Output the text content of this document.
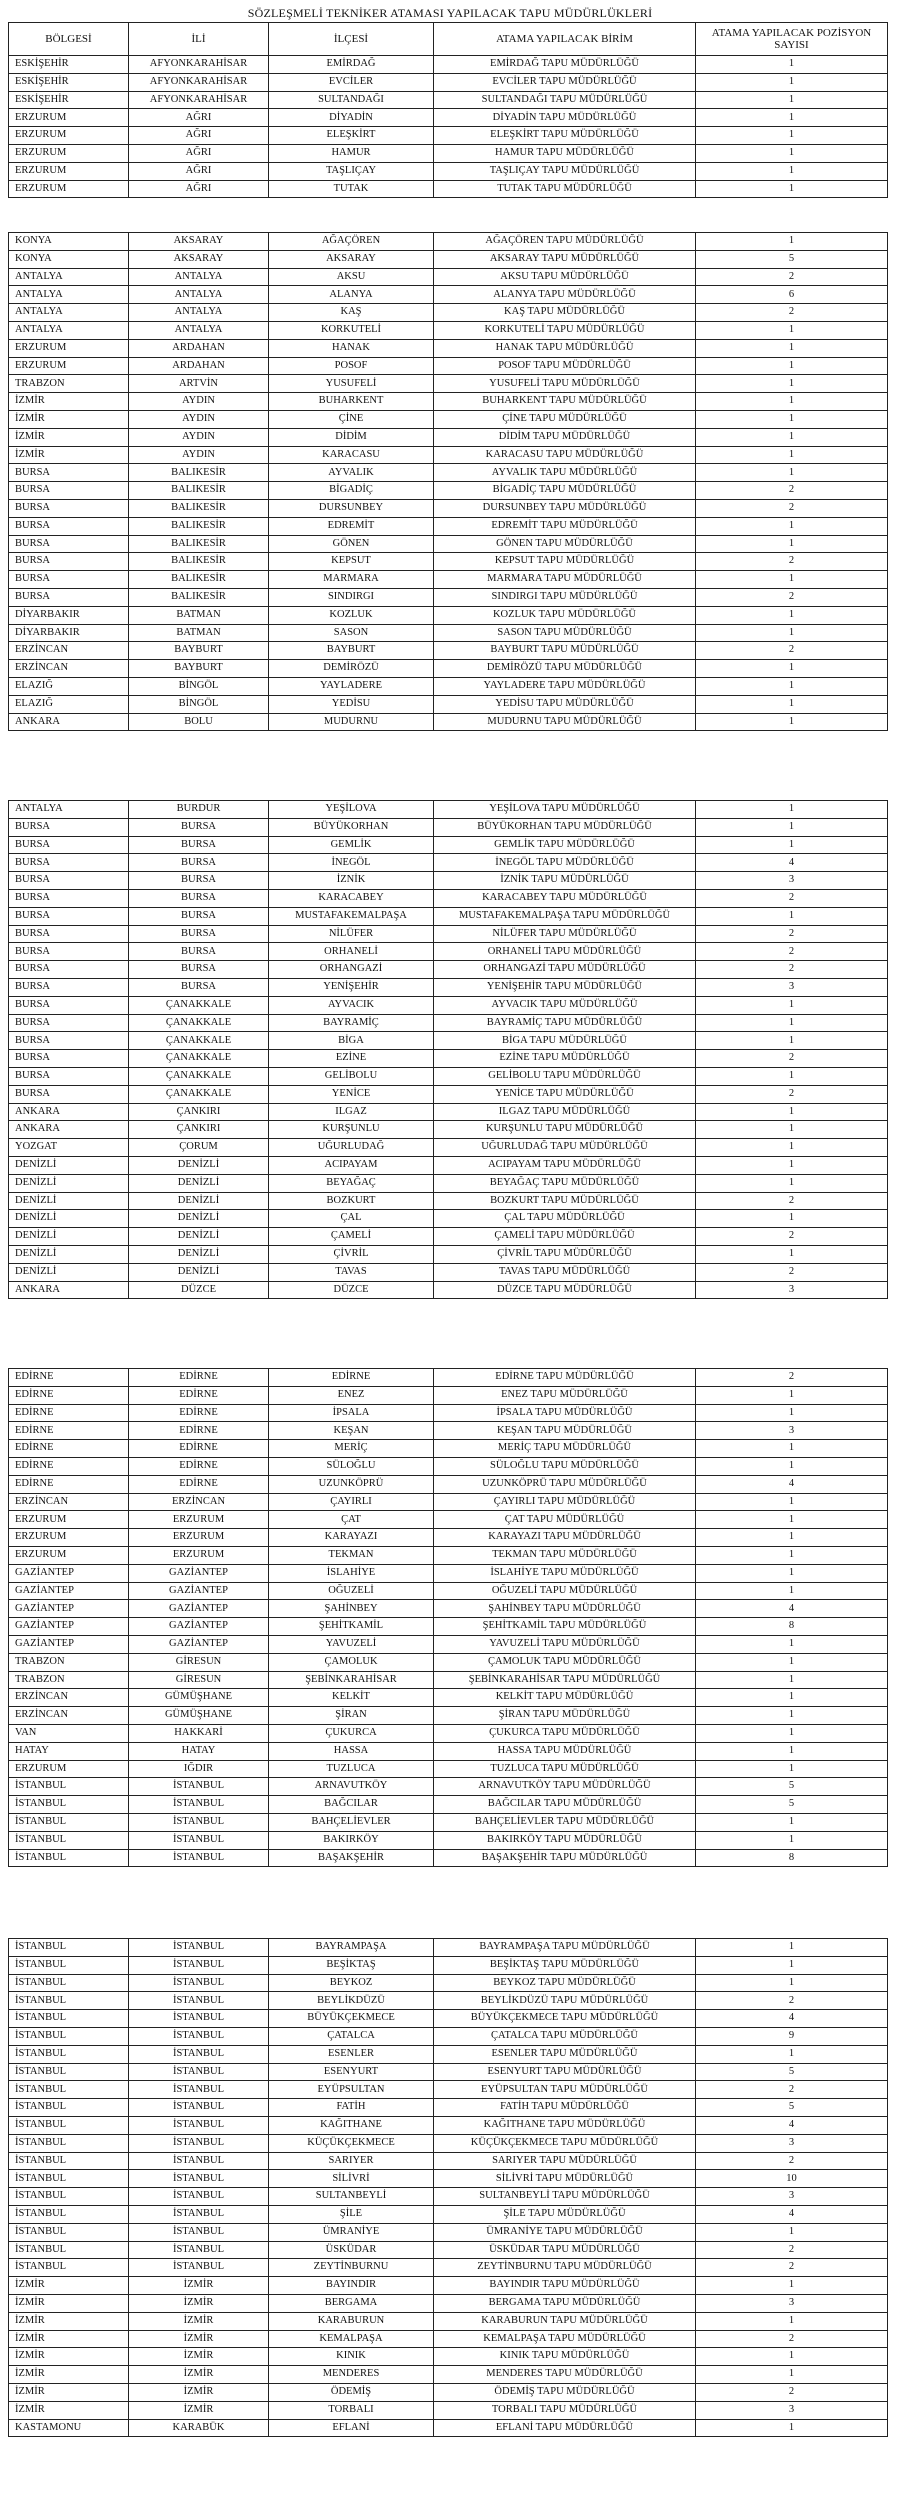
SÖZLEŞMELİ TEKNİKER ATAMASI YAPILACAK TAPU MÜDÜRLÜKLERİ
BÖLGESİ	İLİ	İLÇESİ	ATAMA YAPILACAK BİRİM	ATAMA YAPILACAK POZİSYON SAYISI
ESKİŞEHİR	AFYONKARAHİSAR	EMİRDAĞ	EMİRDAĞ TAPU MÜDÜRLÜĞÜ	1
ESKİŞEHİR	AFYONKARAHİSAR	EVCİLER	EVCİLER TAPU MÜDÜRLÜĞÜ	1
ESKİŞEHİR	AFYONKARAHİSAR	SULTANDAĞI	SULTANDAĞI TAPU MÜDÜRLÜĞÜ	1
ERZURUM	AĞRI	DİYADİN	DİYADİN TAPU MÜDÜRLÜĞÜ	1
ERZURUM	AĞRI	ELEŞKİRT	ELEŞKİRT TAPU MÜDÜRLÜĞÜ	1
ERZURUM	AĞRI	HAMUR	HAMUR TAPU MÜDÜRLÜĞÜ	1
ERZURUM	AĞRI	TAŞLIÇAY	TAŞLIÇAY TAPU MÜDÜRLÜĞÜ	1
ERZURUM	AĞRI	TUTAK	TUTAK TAPU MÜDÜRLÜĞÜ	1
KONYA	AKSARAY	AĞAÇÖREN	AĞAÇÖREN TAPU MÜDÜRLÜĞÜ	1
KONYA	AKSARAY	AKSARAY	AKSARAY TAPU MÜDÜRLÜĞÜ	5
ANTALYA	ANTALYA	AKSU	AKSU TAPU MÜDÜRLÜĞÜ	2
ANTALYA	ANTALYA	ALANYA	ALANYA TAPU MÜDÜRLÜĞÜ	6
ANTALYA	ANTALYA	KAŞ	KAŞ TAPU MÜDÜRLÜĞÜ	2
ANTALYA	ANTALYA	KORKUTELİ	KORKUTELİ TAPU MÜDÜRLÜĞÜ	1
ERZURUM	ARDAHAN	HANAK	HANAK TAPU MÜDÜRLÜĞÜ	1
ERZURUM	ARDAHAN	POSOF	POSOF TAPU MÜDÜRLÜĞÜ	1
TRABZON	ARTVİN	YUSUFELİ	YUSUFELİ TAPU MÜDÜRLÜĞÜ	1
İZMİR	AYDIN	BUHARKENT	BUHARKENT TAPU MÜDÜRLÜĞÜ	1
İZMİR	AYDIN	ÇİNE	ÇİNE TAPU MÜDÜRLÜĞÜ	1
İZMİR	AYDIN	DİDİM	DİDİM TAPU MÜDÜRLÜĞÜ	1
İZMİR	AYDIN	KARACASU	KARACASU TAPU MÜDÜRLÜĞÜ	1
BURSA	BALIKESİR	AYVALIK	AYVALIK TAPU MÜDÜRLÜĞÜ	1
BURSA	BALIKESİR	BİGADİÇ	BİGADİÇ TAPU MÜDÜRLÜĞÜ	2
BURSA	BALIKESİR	DURSUNBEY	DURSUNBEY TAPU MÜDÜRLÜĞÜ	2
BURSA	BALIKESİR	EDREMİT	EDREMİT TAPU MÜDÜRLÜĞÜ	1
BURSA	BALIKESİR	GÖNEN	GÖNEN TAPU MÜDÜRLÜĞÜ	1
BURSA	BALIKESİR	KEPSUT	KEPSUT TAPU MÜDÜRLÜĞÜ	2
BURSA	BALIKESİR	MARMARA	MARMARA TAPU MÜDÜRLÜĞÜ	1
BURSA	BALIKESİR	SINDIRGI	SINDIRGI TAPU MÜDÜRLÜĞÜ	2
DİYARBAKIR	BATMAN	KOZLUK	KOZLUK TAPU MÜDÜRLÜĞÜ	1
DİYARBAKIR	BATMAN	SASON	SASON TAPU MÜDÜRLÜĞÜ	1
ERZİNCAN	BAYBURT	BAYBURT	BAYBURT TAPU MÜDÜRLÜĞÜ	2
ERZİNCAN	BAYBURT	DEMİRÖZÜ	DEMİRÖZÜ TAPU MÜDÜRLÜĞÜ	1
ELAZIĞ	BİNGÖL	YAYLADERE	YAYLADERE TAPU MÜDÜRLÜĞÜ	1
ELAZIĞ	BİNGÖL	YEDİSU	YEDİSU TAPU MÜDÜRLÜĞÜ	1
ANKARA	BOLU	MUDURNU	MUDURNU TAPU MÜDÜRLÜĞÜ	1
ANTALYA	BURDUR	YEŞİLOVA	YEŞİLOVA TAPU MÜDÜRLÜĞÜ	1
BURSA	BURSA	BÜYÜKORHAN	BÜYÜKORHAN TAPU MÜDÜRLÜĞÜ	1
BURSA	BURSA	GEMLİK	GEMLİK TAPU MÜDÜRLÜĞÜ	1
BURSA	BURSA	İNEGÖL	İNEGÖL TAPU MÜDÜRLÜĞÜ	4
BURSA	BURSA	İZNİK	İZNİK TAPU MÜDÜRLÜĞÜ	3
BURSA	BURSA	KARACABEY	KARACABEY TAPU MÜDÜRLÜĞÜ	2
BURSA	BURSA	MUSTAFAKEMALPAŞA	MUSTAFAKEMALPAŞA TAPU MÜDÜRLÜĞÜ	1
BURSA	BURSA	NİLÜFER	NİLÜFER TAPU MÜDÜRLÜĞÜ	2
BURSA	BURSA	ORHANELİ	ORHANELİ TAPU MÜDÜRLÜĞÜ	2
BURSA	BURSA	ORHANGAZİ	ORHANGAZİ TAPU MÜDÜRLÜĞÜ	2
BURSA	BURSA	YENİŞEHİR	YENİŞEHİR TAPU MÜDÜRLÜĞÜ	3
BURSA	ÇANAKKALE	AYVACIK	AYVACIK TAPU MÜDÜRLÜĞÜ	1
BURSA	ÇANAKKALE	BAYRAMİÇ	BAYRAMİÇ TAPU MÜDÜRLÜĞÜ	1
BURSA	ÇANAKKALE	BİGA	BİGA TAPU MÜDÜRLÜĞÜ	1
BURSA	ÇANAKKALE	EZİNE	EZİNE TAPU MÜDÜRLÜĞÜ	2
BURSA	ÇANAKKALE	GELİBOLU	GELİBOLU TAPU MÜDÜRLÜĞÜ	1
BURSA	ÇANAKKALE	YENİCE	YENİCE TAPU MÜDÜRLÜĞÜ	2
ANKARA	ÇANKIRI	ILGAZ	ILGAZ TAPU MÜDÜRLÜĞÜ	1
ANKARA	ÇANKIRI	KURŞUNLU	KURŞUNLU TAPU MÜDÜRLÜĞÜ	1
YOZGAT	ÇORUM	UĞURLUDAĞ	UĞURLUDAĞ TAPU MÜDÜRLÜĞÜ	1
DENİZLİ	DENİZLİ	ACIPAYAM	ACIPAYAM TAPU MÜDÜRLÜĞÜ	1
DENİZLİ	DENİZLİ	BEYAĞAÇ	BEYAĞAÇ TAPU MÜDÜRLÜĞÜ	1
DENİZLİ	DENİZLİ	BOZKURT	BOZKURT TAPU MÜDÜRLÜĞÜ	2
DENİZLİ	DENİZLİ	ÇAL	ÇAL TAPU MÜDÜRLÜĞÜ	1
DENİZLİ	DENİZLİ	ÇAMELİ	ÇAMELİ TAPU MÜDÜRLÜĞÜ	2
DENİZLİ	DENİZLİ	ÇİVRİL	ÇİVRİL TAPU MÜDÜRLÜĞÜ	1
DENİZLİ	DENİZLİ	TAVAS	TAVAS TAPU MÜDÜRLÜĞÜ	2
ANKARA	DÜZCE	DÜZCE	DÜZCE TAPU MÜDÜRLÜĞÜ	3
EDİRNE	EDİRNE	EDİRNE	EDİRNE TAPU MÜDÜRLÜĞÜ	2
EDİRNE	EDİRNE	ENEZ	ENEZ TAPU MÜDÜRLÜĞÜ	1
EDİRNE	EDİRNE	İPSALA	İPSALA TAPU MÜDÜRLÜĞÜ	1
EDİRNE	EDİRNE	KEŞAN	KEŞAN TAPU MÜDÜRLÜĞÜ	3
EDİRNE	EDİRNE	MERİÇ	MERİÇ TAPU MÜDÜRLÜĞÜ	1
EDİRNE	EDİRNE	SÜLOĞLU	SÜLOĞLU TAPU MÜDÜRLÜĞÜ	1
EDİRNE	EDİRNE	UZUNKÖPRÜ	UZUNKÖPRÜ TAPU MÜDÜRLÜĞÜ	4
ERZİNCAN	ERZİNCAN	ÇAYIRLI	ÇAYIRLI TAPU MÜDÜRLÜĞÜ	1
ERZURUM	ERZURUM	ÇAT	ÇAT TAPU MÜDÜRLÜĞÜ	1
ERZURUM	ERZURUM	KARAYAZI	KARAYAZI TAPU MÜDÜRLÜĞÜ	1
ERZURUM	ERZURUM	TEKMAN	TEKMAN TAPU MÜDÜRLÜĞÜ	1
GAZİANTEP	GAZİANTEP	İSLAHİYE	İSLAHİYE TAPU MÜDÜRLÜĞÜ	1
GAZİANTEP	GAZİANTEP	OĞUZELİ	OĞUZELİ TAPU MÜDÜRLÜĞÜ	1
GAZİANTEP	GAZİANTEP	ŞAHİNBEY	ŞAHİNBEY TAPU MÜDÜRLÜĞÜ	4
GAZİANTEP	GAZİANTEP	ŞEHİTKAMİL	ŞEHİTKAMİL TAPU MÜDÜRLÜĞÜ	8
GAZİANTEP	GAZİANTEP	YAVUZELİ	YAVUZELİ TAPU MÜDÜRLÜĞÜ	1
TRABZON	GİRESUN	ÇAMOLUK	ÇAMOLUK TAPU MÜDÜRLÜĞÜ	1
TRABZON	GİRESUN	ŞEBİNKARAHİSAR	ŞEBİNKARAHİSAR TAPU MÜDÜRLÜĞÜ	1
ERZİNCAN	GÜMÜŞHANE	KELKİT	KELKİT TAPU MÜDÜRLÜĞÜ	1
ERZİNCAN	GÜMÜŞHANE	ŞİRAN	ŞİRAN TAPU MÜDÜRLÜĞÜ	1
VAN	HAKKARİ	ÇUKURCA	ÇUKURCA TAPU MÜDÜRLÜĞÜ	1
HATAY	HATAY	HASSA	HASSA TAPU MÜDÜRLÜĞÜ	1
ERZURUM	IĞDIR	TUZLUCA	TUZLUCA TAPU MÜDÜRLÜĞÜ	1
İSTANBUL	İSTANBUL	ARNAVUTKÖY	ARNAVUTKÖY TAPU MÜDÜRLÜĞÜ	5
İSTANBUL	İSTANBUL	BAĞCILAR	BAĞCILAR TAPU MÜDÜRLÜĞÜ	5
İSTANBUL	İSTANBUL	BAHÇELİEVLER	BAHÇELİEVLER TAPU MÜDÜRLÜĞÜ	1
İSTANBUL	İSTANBUL	BAKIRKÖY	BAKIRKÖY TAPU MÜDÜRLÜĞÜ	1
İSTANBUL	İSTANBUL	BAŞAKŞEHİR	BAŞAKŞEHİR TAPU MÜDÜRLÜĞÜ	8
İSTANBUL	İSTANBUL	BAYRAMPAŞA	BAYRAMPAŞA TAPU MÜDÜRLÜĞÜ	1
İSTANBUL	İSTANBUL	BEŞİKTAŞ	BEŞİKTAŞ TAPU MÜDÜRLÜĞÜ	1
İSTANBUL	İSTANBUL	BEYKOZ	BEYKOZ TAPU MÜDÜRLÜĞÜ	1
İSTANBUL	İSTANBUL	BEYLİKDÜZÜ	BEYLİKDÜZÜ TAPU MÜDÜRLÜĞÜ	2
İSTANBUL	İSTANBUL	BÜYÜKÇEKMECE	BÜYÜKÇEKMECE TAPU MÜDÜRLÜĞÜ	4
İSTANBUL	İSTANBUL	ÇATALCA	ÇATALCA TAPU MÜDÜRLÜĞÜ	9
İSTANBUL	İSTANBUL	ESENLER	ESENLER TAPU MÜDÜRLÜĞÜ	1
İSTANBUL	İSTANBUL	ESENYURT	ESENYURT TAPU MÜDÜRLÜĞÜ	5
İSTANBUL	İSTANBUL	EYÜPSULTAN	EYÜPSULTAN TAPU MÜDÜRLÜĞÜ	2
İSTANBUL	İSTANBUL	FATİH	FATİH TAPU MÜDÜRLÜĞÜ	5
İSTANBUL	İSTANBUL	KAĞITHANE	KAĞITHANE TAPU MÜDÜRLÜĞÜ	4
İSTANBUL	İSTANBUL	KÜÇÜKÇEKMECE	KÜÇÜKÇEKMECE TAPU MÜDÜRLÜĞÜ	3
İSTANBUL	İSTANBUL	SARIYER	SARIYER TAPU MÜDÜRLÜĞÜ	2
İSTANBUL	İSTANBUL	SİLİVRİ	SİLİVRİ TAPU MÜDÜRLÜĞÜ	10
İSTANBUL	İSTANBUL	SULTANBEYLİ	SULTANBEYLİ TAPU MÜDÜRLÜĞÜ	3
İSTANBUL	İSTANBUL	ŞİLE	ŞİLE TAPU MÜDÜRLÜĞÜ	4
İSTANBUL	İSTANBUL	ÜMRANİYE	ÜMRANİYE TAPU MÜDÜRLÜĞÜ	1
İSTANBUL	İSTANBUL	ÜSKÜDAR	ÜSKÜDAR TAPU MÜDÜRLÜĞÜ	2
İSTANBUL	İSTANBUL	ZEYTİNBURNU	ZEYTİNBURNU TAPU MÜDÜRLÜĞÜ	2
İZMİR	İZMİR	BAYINDIR	BAYINDIR TAPU MÜDÜRLÜĞÜ	1
İZMİR	İZMİR	BERGAMA	BERGAMA TAPU MÜDÜRLÜĞÜ	3
İZMİR	İZMİR	KARABURUN	KARABURUN TAPU MÜDÜRLÜĞÜ	1
İZMİR	İZMİR	KEMALPAŞA	KEMALPAŞA TAPU MÜDÜRLÜĞÜ	2
İZMİR	İZMİR	KINIK	KINIK TAPU MÜDÜRLÜĞÜ	1
İZMİR	İZMİR	MENDERES	MENDERES TAPU MÜDÜRLÜĞÜ	1
İZMİR	İZMİR	ÖDEMİŞ	ÖDEMİŞ TAPU MÜDÜRLÜĞÜ	2
İZMİR	İZMİR	TORBALI	TORBALI TAPU MÜDÜRLÜĞÜ	3
KASTAMONU	KARABÜK	EFLANİ	EFLANİ TAPU MÜDÜRLÜĞÜ	1
